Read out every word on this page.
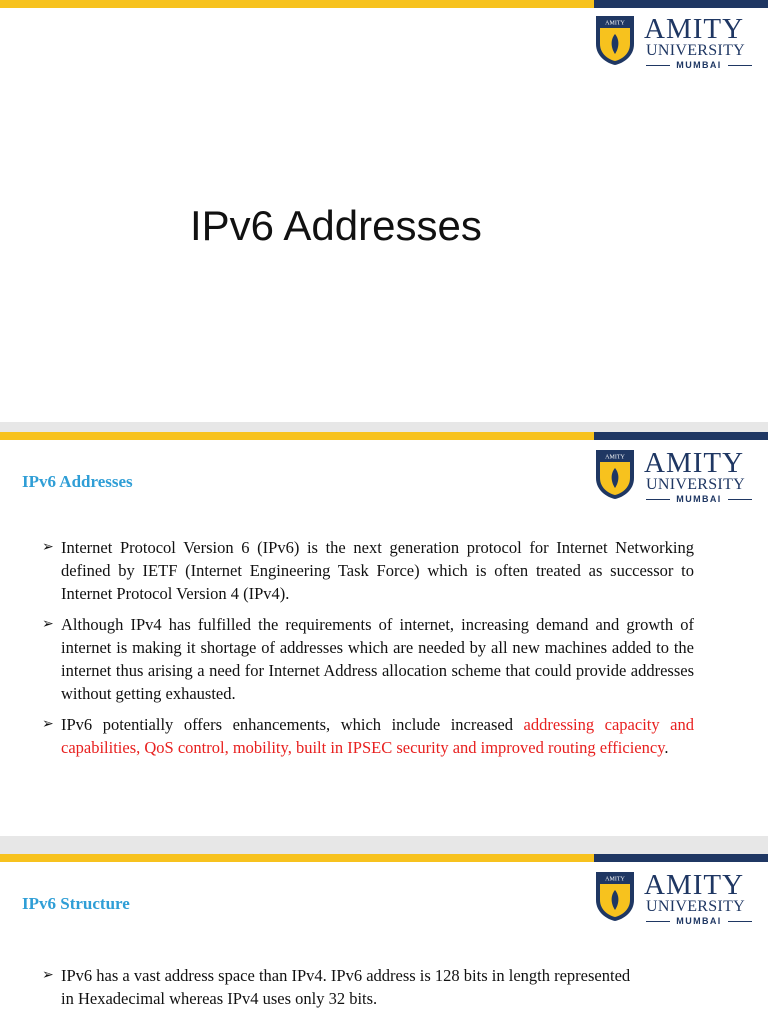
AMITY AMITY
UNIVERSITY
MUMBAI
IPv6 Addresses
AMITY AMITY
UNIVERSITY
MUMBAI
IPv6 Addresses
➢ Internet Protocol Version 6 (IPv6) is the next generation protocol for Internet Networking defined by IETF (Internet Engineering Task Force) which is often treated as successor to Internet Protocol Version 4 (IPv4).
➢ Although IPv4 has fulfilled the requirements of internet, increasing demand and growth of internet is making it shortage of addresses which are needed by all new machines added to the internet thus arising a need for Internet Address allocation scheme that could provide addresses without getting exhausted.
➢ IPv6 potentially offers enhancements, which include increased addressing capacity and capabilities, QoS control, mobility, built in IPSEC security and improved routing efficiency.
AMITY AMITY
UNIVERSITY
MUMBAI
IPv6 Structure
➢ IPv6 has a vast address space than IPv4. IPv6 address is 128 bits in length represented in Hexadecimal whereas IPv4 uses only 32 bits.
